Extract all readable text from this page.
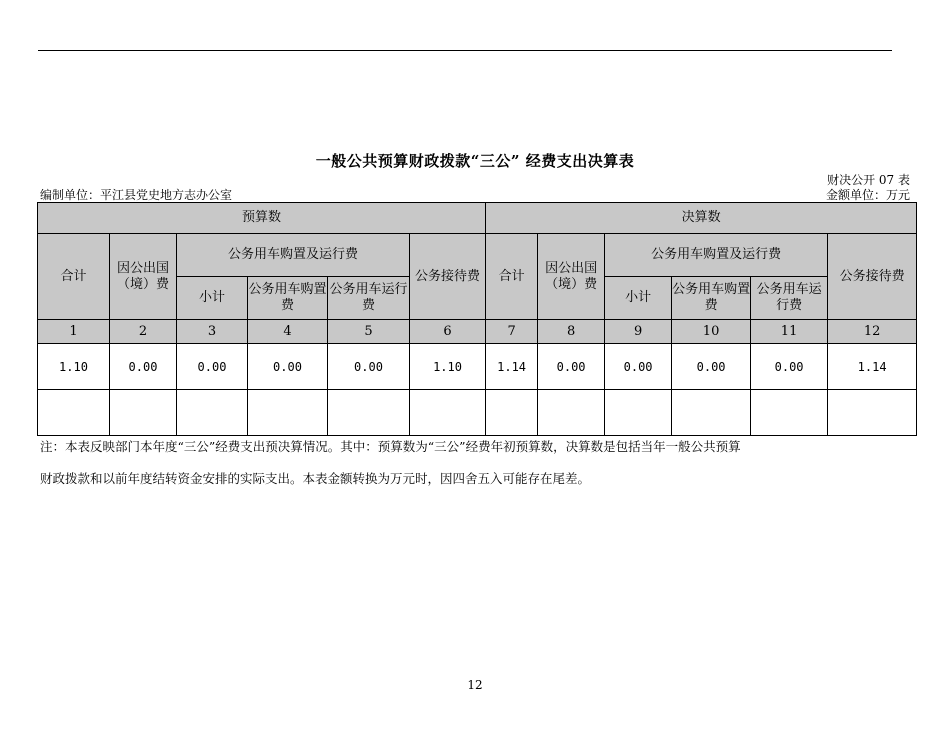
一般公共预算财政拨款“三公” 经费支出决算表
财决公开 07 表
编制单位：平江县党史地方志办公室	金额单位：万元
预算数						决算数					
合计	因公出国（境）费	公务用车购置及运行费			公务接待费	合计	因公出国（境）费	公务用车购置及运行费			公务接待费
		小计	公务用车购置费	公务用车运行费				小计	公务用车购置费	公务用车运行费	
1	2	3	4	5	6	7	8	9	10	11	12
1.10	0.00	0.00	0.00	0.00	1.10	1.14	0.00	0.00	0.00	0.00	1.14

注：本表反映部门本年度“三公”经费支出预决算情况。其中：预算数为“三公”经费年初预算数，决算数是包括当年一般公共预算
财政拨款和以前年度结转资金安排的实际支出。本表金额转换为万元时，因四舍五入可能存在尾差。
12
